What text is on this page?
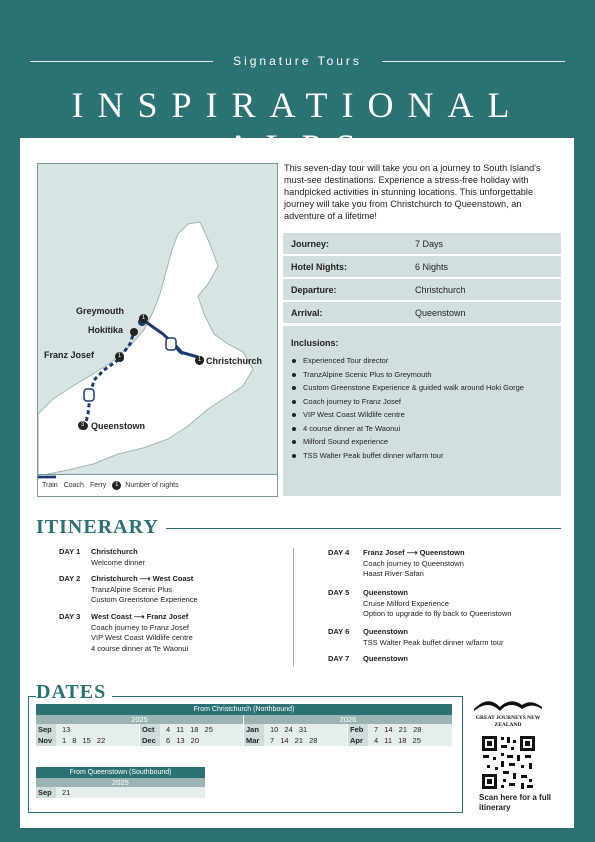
Signature Tours
INSPIRATIONAL
Greymouth
Hokitika
Franz Josef
Christchurch
Queenstown
Train Coach Ferry	1 Number of nights

This seven-day tour will take you on a journey to South Island's must-see destinations. Experience a stress-free holiday with handpicked activities in stunning locations. This unforgettable journey will take you from Christchurch to Queenstown, an adventure of a lifetime!

Journey:	7 Days
Hotel Nights:	6 Nights
Departure:	Christchurch
Arrival:	Queenstown
Inclusions:
Experienced Tour director
TranzAlpine Scenic Plus to Greymouth
Custom Greenstone Experience & guided walk around Hoki Gorge
Coach journey to Franz Josef
VIP West Coast Wildlife centre
4 course dinner at Te Waonui
Milford Sound experience
TSS Walter Peak buffet dinner w/farm tour
ITINERARY
DAY 1	Christchurch
Welcome dinner
DAY 2	Christchurch ⟶ West Coast
TranzAlpine Scenic Plus
Custom Greenstone Experience
DAY 3	West Coast ⟶ Franz Josef
Coach journey to Franz Josef
VIP West Coast Wildlife centre
4 course dinner at Te Waonui
DAY 4	Franz Josef ⟶ Queenstown
Coach journey to Queenstown
Haast River Safari
DAY 5	Queenstown
Cruise Milford Experience
Option to upgrade to fly back to Queenstown
DAY 6	Queenstown
TSS Walter Peak buffet dinner w/farm tour
DAY 7	Queenstown
DATES
From Christchurch (Northbound)
2025	2026
Sep	13	Oct	4 11 18 25	Jan	10 24 31	Feb	7 14 21 28
Nov	1 8 15 22	Dec	6 13 20	Mar	7 14 21 28	Apr	4 11 18 25
From Queenstown (Southbound)
2025
Sep	21
GREAT JOURNEYS NEW ZEALAND
Scan here for a full itinerary
1
1
1
3
